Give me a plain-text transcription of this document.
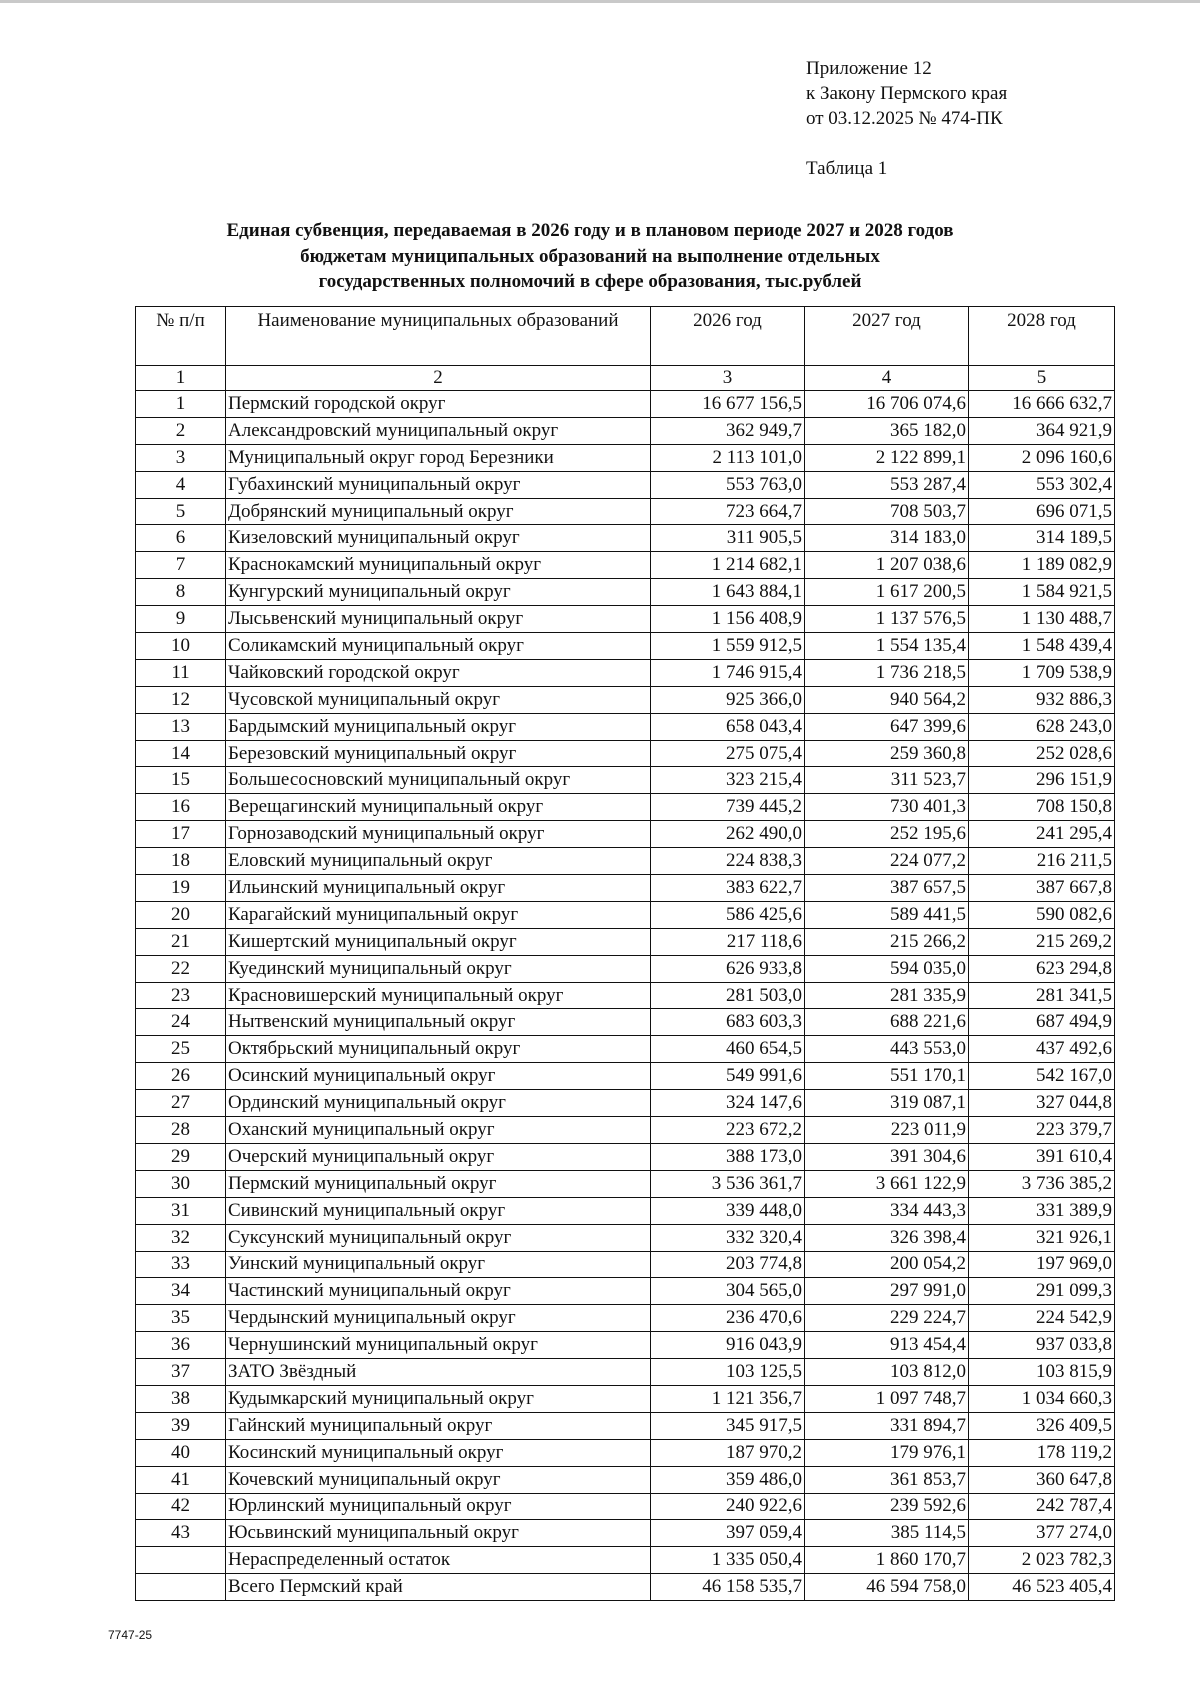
Приложение 12
к Закону Пермского края
от 03.12.2025 № 474-ПК
Таблица 1
Единая субвенция, передаваемая в 2026 году и в плановом периоде 2027 и 2028 годов
бюджетам муниципальных образований на выполнение отдельных
государственных полномочий в сфере образования, тыс.рублей
№ п/п	Наименование муниципальных образований	2026 год	2027 год	2028 год
1	2	3	4	5
1	Пермский городской округ	16 677 156,5	16 706 074,6	16 666 632,7
2	Александровский муниципальный округ	362 949,7	365 182,0	364 921,9
3	Муниципальный округ город Березники	2 113 101,0	2 122 899,1	2 096 160,6
4	Губахинский муниципальный округ	553 763,0	553 287,4	553 302,4
5	Добрянский муниципальный округ	723 664,7	708 503,7	696 071,5
6	Кизеловский муниципальный округ	311 905,5	314 183,0	314 189,5
7	Краснокамский муниципальный округ	1 214 682,1	1 207 038,6	1 189 082,9
8	Кунгурский муниципальный округ	1 643 884,1	1 617 200,5	1 584 921,5
9	Лысьвенский муниципальный округ	1 156 408,9	1 137 576,5	1 130 488,7
10	Соликамский муниципальный округ	1 559 912,5	1 554 135,4	1 548 439,4
11	Чайковский городской округ	1 746 915,4	1 736 218,5	1 709 538,9
12	Чусовской муниципальный округ	925 366,0	940 564,2	932 886,3
13	Бардымский муниципальный округ	658 043,4	647 399,6	628 243,0
14	Березовский муниципальный округ	275 075,4	259 360,8	252 028,6
15	Большесосновский муниципальный округ	323 215,4	311 523,7	296 151,9
16	Верещагинский муниципальный округ	739 445,2	730 401,3	708 150,8
17	Горнозаводский муниципальный округ	262 490,0	252 195,6	241 295,4
18	Еловский муниципальный округ	224 838,3	224 077,2	216 211,5
19	Ильинский муниципальный округ	383 622,7	387 657,5	387 667,8
20	Карагайский муниципальный округ	586 425,6	589 441,5	590 082,6
21	Кишертский муниципальный округ	217 118,6	215 266,2	215 269,2
22	Куединский муниципальный округ	626 933,8	594 035,0	623 294,8
23	Красновишерский муниципальный округ	281 503,0	281 335,9	281 341,5
24	Нытвенский муниципальный округ	683 603,3	688 221,6	687 494,9
25	Октябрьский муниципальный округ	460 654,5	443 553,0	437 492,6
26	Осинский муниципальный округ	549 991,6	551 170,1	542 167,0
27	Ординский муниципальный округ	324 147,6	319 087,1	327 044,8
28	Оханский муниципальный округ	223 672,2	223 011,9	223 379,7
29	Очерский муниципальный округ	388 173,0	391 304,6	391 610,4
30	Пермский муниципальный округ	3 536 361,7	3 661 122,9	3 736 385,2
31	Сивинский муниципальный округ	339 448,0	334 443,3	331 389,9
32	Суксунский муниципальный округ	332 320,4	326 398,4	321 926,1
33	Уинский муниципальный округ	203 774,8	200 054,2	197 969,0
34	Частинский муниципальный округ	304 565,0	297 991,0	291 099,3
35	Чердынский муниципальный округ	236 470,6	229 224,7	224 542,9
36	Чернушинский муниципальный округ	916 043,9	913 454,4	937 033,8
37	ЗАТО Звёздный	103 125,5	103 812,0	103 815,9
38	Кудымкарский муниципальный округ	1 121 356,7	1 097 748,7	1 034 660,3
39	Гайнский муниципальный округ	345 917,5	331 894,7	326 409,5
40	Косинский муниципальный округ	187 970,2	179 976,1	178 119,2
41	Кочевский муниципальный округ	359 486,0	361 853,7	360 647,8
42	Юрлинский муниципальный округ	240 922,6	239 592,6	242 787,4
43	Юсьвинский муниципальный округ	397 059,4	385 114,5	377 274,0
	Нераспределенный остаток	1 335 050,4	1 860 170,7	2 023 782,3
	Всего Пермский край	46 158 535,7	46 594 758,0	46 523 405,4
7747-25
